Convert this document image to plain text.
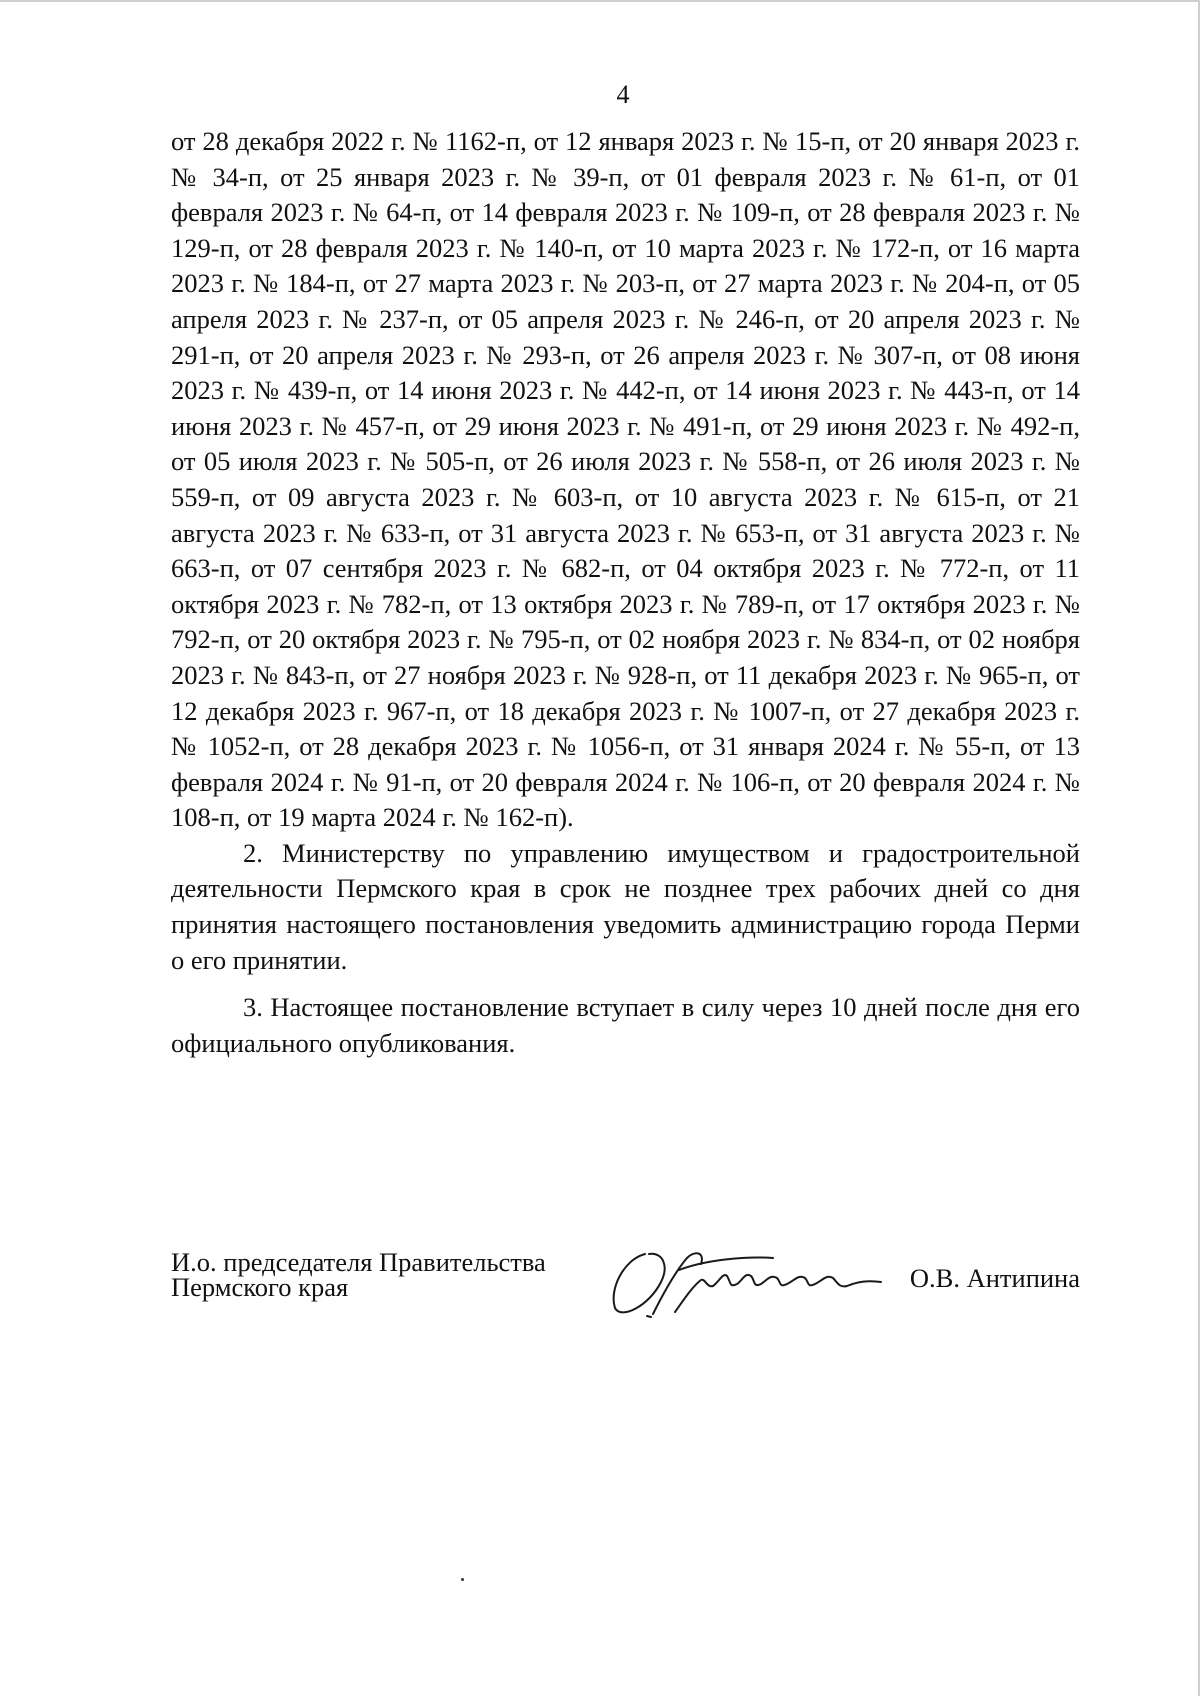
4

от 28 декабря 2022 г. № 1162-п, от 12 января 2023 г. № 15-п, от 20 января 2023 г. № 34-п, от 25 января 2023 г. № 39-п, от 01 февраля 2023 г. № 61-п, от 01 февраля 2023 г. № 64-п, от 14 февраля 2023 г. № 109-п, от 28 февраля 2023 г. № 129-п, от 28 февраля 2023 г. № 140-п, от 10 марта 2023 г. № 172-п, от 16 марта 2023 г. № 184-п, от 27 марта 2023 г. № 203-п, от 27 марта 2023 г. № 204-п, от 05 апреля 2023 г. № 237-п, от 05 апреля 2023 г. № 246-п, от 20 апреля 2023 г. № 291-п, от 20 апреля 2023 г. № 293-п, от 26 апреля 2023 г. № 307-п, от 08 июня 2023 г. № 439-п, от 14 июня 2023 г. № 442-п, от 14 июня 2023 г. № 443-п, от 14 июня 2023 г. № 457-п, от 29 июня 2023 г. № 491-п, от 29 июня 2023 г. № 492-п, от 05 июля 2023 г. № 505-п, от 26 июля 2023 г. № 558-п, от 26 июля 2023 г. № 559-п, от 09 августа 2023 г. № 603-п, от 10 августа 2023 г. № 615-п, от 21 августа 2023 г. № 633-п, от 31 августа 2023 г. № 653-п, от 31 августа 2023 г. № 663-п, от 07 сентября 2023 г. № 682-п, от 04 октября 2023 г. № 772-п, от 11 октября 2023 г. № 782-п, от 13 октября 2023 г. № 789-п, от 17 октября 2023 г. № 792-п, от 20 октября 2023 г. № 795-п, от 02 ноября 2023 г. № 834-п, от 02 ноября 2023 г. № 843-п, от 27 ноября 2023 г. № 928-п, от 11 декабря 2023 г. № 965-п, от 12 декабря 2023 г. 967-п, от 18 декабря 2023 г. № 1007-п, от 27 декабря 2023 г. № 1052-п, от 28 декабря 2023 г. № 1056-п, от 31 января 2024 г. № 55-п, от 13 февраля 2024 г. № 91-п, от 20 февраля 2024 г. № 106-п, от 20 февраля 2024 г. № 108-п, от 19 марта 2024 г. № 162-п).

2. Министерству по управлению имуществом и градостроительной деятельности Пермского края в срок не позднее трех рабочих дней со дня принятия настоящего постановления уведомить администрацию города Перми о его принятии.

3. Настоящее постановление вступает в силу через 10 дней после дня его официального опубликования.

И.о. председателя Правительства
Пермского края	О.В. Антипина
